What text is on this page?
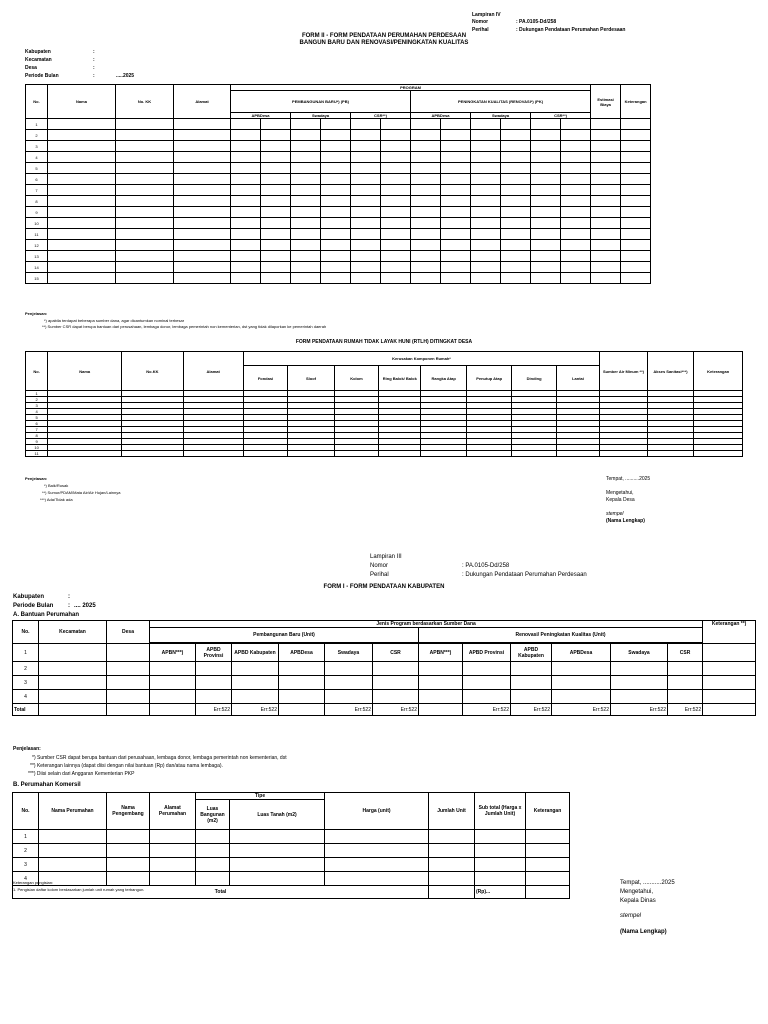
Lampiran IV
Nomor	: PA.0105-Dd/258
Perihal	: Dukungan Pendataan Perumahan Perdesaan
FORM II - FORM PENDATAAN PERUMAHAN PERDESAAN
BANGUN BARU DAN RENOVASI/PENINGKATAN KUALITAS
Kabupaten	:
Kecamatan	:
Desa	:
Periode Bulan	:	.....2025
No.	Nama	No. KK	Alamat	PROGRAM												Estimasi Biaya	Keterangan
				PEMBANGUNAN BARU*) (PB)						PENINGKATAN KUALITAS (RENOVASI*) (PK)							
				APBDesa		Swadaya		CSR**)		APBDesa		Swadaya		CSR**)			
1																	
2																	
3																	
4																	
5																	
6																	
7																	
8																	
9																	
10																	
11																	
12																	
13																	
14																	
15																	
Penjelasan:
*) apabila terdapat beberapa sumber dana, agar dicantumkan nominal terbesar
**) Sumber CSR dapat berupa bantuan dari perusahaan, lembaga donor, lembaga pemerintah non kementerian, dst yang tidak dilaporkan ke pemerintah daerah
FORM PENDATAAN RUMAH TIDAK LAYAK HUNI (RTLH) DITINGKAT DESA
No.	Nama	No.KK	Alamat	Kerusakan Komponen Rumah*								Sumber Air Minum **)	Akses Sanitasi***)	Keterangan
				Fondasi	Sloof	Kolom	Ring Balok/ Balok	Rangka Atap	Penutup Atap	Dinding	Lantai			
1														
2														
3														
4														
5														
6														
7														
8														
9														
10														
11														
Penjelasan:
*) Baik/Rusak
**) Sumur/PDAM/Mata Air/Air Hujan/Lainnya
***) Ada/Tidak ada
Tempat, ..........2025
Mengetahui,
Kepala Desa
stempel
(Nama Lengkap)
Lampiran III
Nomor	: PA.0105-Dd/258
Perihal	: Dukungan Pendataan Perumahan Perdesaan
FORM I - FORM PENDATAAN KABUPATEN
Kabupaten	:
Periode Bulan : .... 2025
A. Bantuan Perumahan
No.	Kecamatan	Desa	Jenis Program berdasarkan Sumber Dana												Keterangan **)
			Pembangunan Baru (Unit)						Renovasi/ Peningkatan Kualitas (Unit)						

1			APBN***)	APBD Provinsi	APBD Kabupaten	APBDesa	Swadaya	CSR	APBN***)	APBD Provinsi	APBD Kabupaten	APBDesa	Swadaya	CSR	
2															
3															
4															
Total				Err:522	Err:522		Err:522	Err:522		Err:522	Err:522	Err:522	Err:522	Err:522	
Penjelasan:
*) Sumber CSR dapat berupa bantuan dari perusahaan, lembaga donor, lembaga pemerintah non kementerian, dst
**) Keterangan lainnya (dapat diisi dengan nilai bantuan (Rp) dan/atau nama lembaga).
***) Diisi selain dari Anggaran Kementerian PKP
B. Perumahan Komersil
No.	Nama Perumahan	Nama Pengembang	Alamat Perumahan	Tipe		Harga (unit)	Jumlah Unit	Sub total (Harga x Jumlah Unit)	Keterangan
				Luas Bangunan (m2)	Luas Tanah (m2)				
1									
2									
3									
4									
Total								(Rp)...	
Keterangan pengisian:
1. Pengisian daftar kolom berdasarkan jumlah unit rumah yang terbangun.
Tempat, ...........2025
Mengetahui,
Kepala Dinas
stempel
(Nama Lengkap)
